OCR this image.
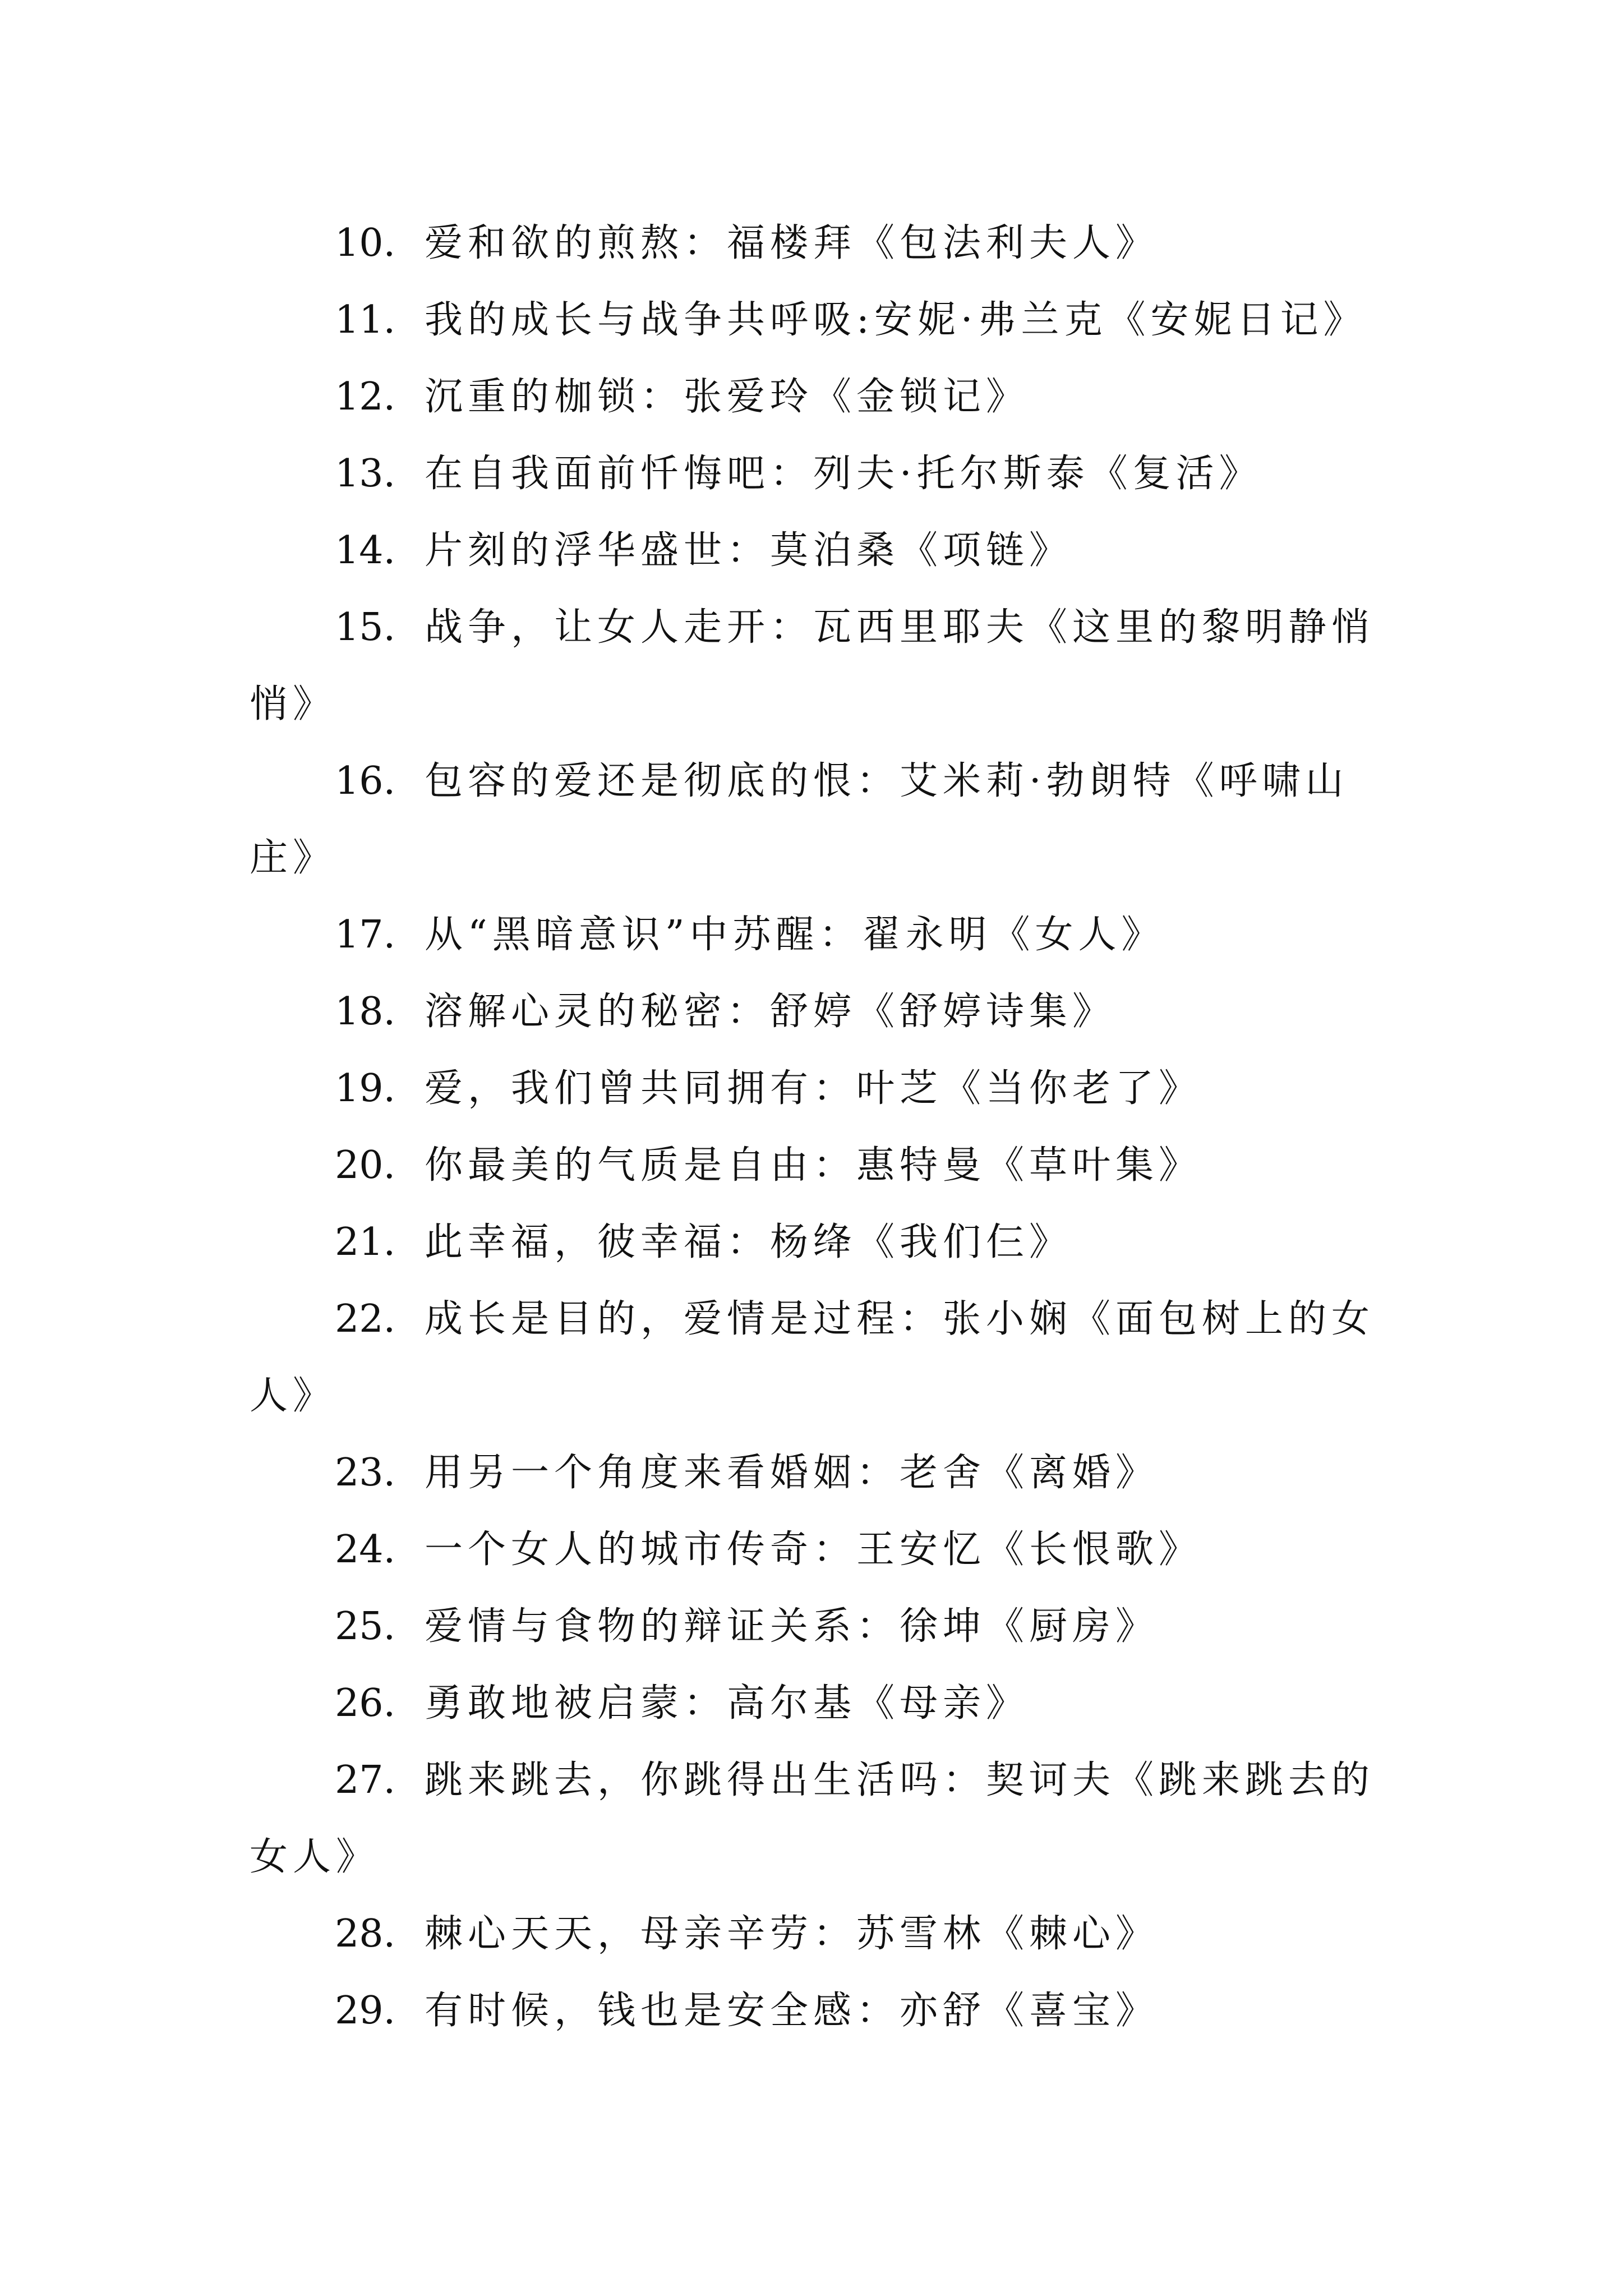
10. 爱和欲的煎熬：福楼拜《包法利夫人》

11. 我的成长与战争共呼吸:安妮·弗兰克《安妮日记》

12. 沉重的枷锁：张爱玲《金锁记》

13. 在自我面前忏悔吧：列夫·托尔斯泰《复活》

14. 片刻的浮华盛世：莫泊桑《项链》

15. 战争，让女人走开：瓦西里耶夫《这里的黎明静悄悄》

16. 包容的爱还是彻底的恨：艾米莉·勃朗特《呼啸山庄》

17. 从“黑暗意识”中苏醒：翟永明《女人》

18. 溶解心灵的秘密：舒婷《舒婷诗集》

19. 爱，我们曾共同拥有：叶芝《当你老了》

20. 你最美的气质是自由：惠特曼《草叶集》

21. 此幸福，彼幸福：杨绛《我们仨》

22. 成长是目的，爱情是过程：张小娴《面包树上的女人》

23. 用另一个角度来看婚姻：老舍《离婚》

24. 一个女人的城市传奇：王安忆《长恨歌》

25. 爱情与食物的辩证关系：徐坤《厨房》

26. 勇敢地被启蒙：高尔基《母亲》

27. 跳来跳去，你跳得出生活吗：契诃夫《跳来跳去的女人》

28. 棘心天天，母亲辛劳：苏雪林《棘心》

29. 有时候，钱也是安全感：亦舒《喜宝》
